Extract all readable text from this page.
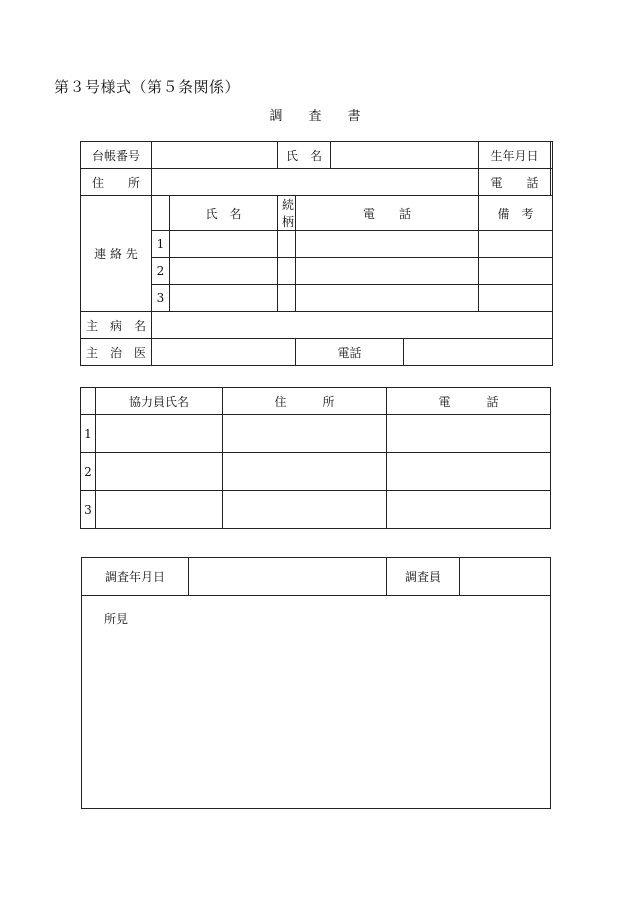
第３号様式（第５条関係）
調　　査　　書
台帳番号			氏　名				生年月日	
住　　所							電　　話	
連 絡 先		氏　名	続柄	電　　話			備　考	
	1							
	2							
	3							
主　病　名								
主　治　医				電話				
	協力員氏名	住　　　所	電　　　話
1			
2			
3			
調査年月日		調査員	
所見
